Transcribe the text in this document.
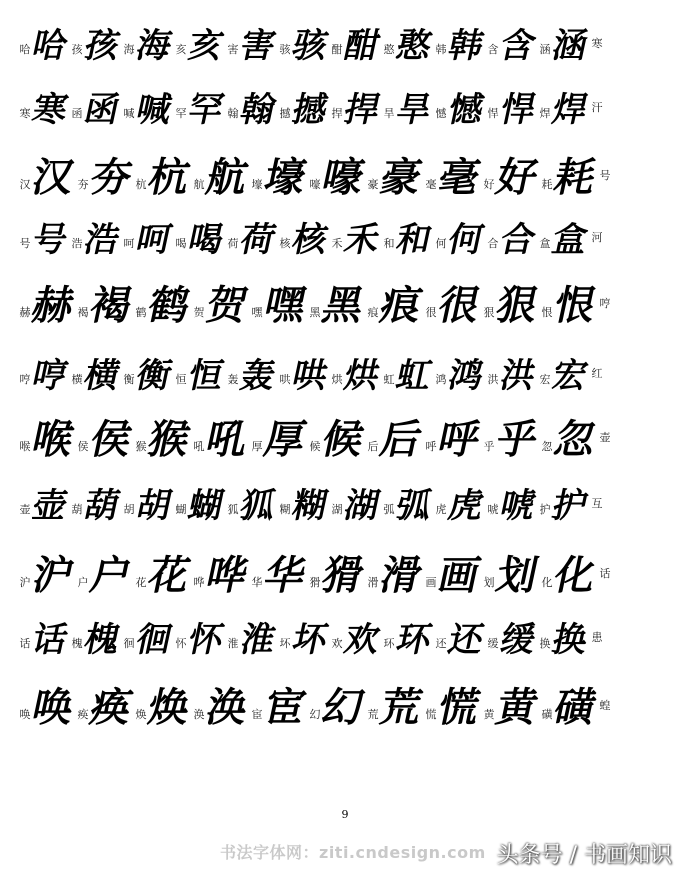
哈
哈 孩
孩 海
海 亥
亥 害
害 骇
骇 酣
酣 憨
憨 韩
韩 含
含 涵
涵 寒
寒
寒 函
函 喊
喊 罕
罕 翰
翰 撼
撼 捍
捍 旱
旱 憾
憾 悍
悍 焊
焊 汗
汉
汉 夯
夯 杭
杭 航
航 壕
壕 嚎
嚎 豪
豪 毫
毫 好
好 耗
耗 号
号
号 浩
浩 呵
呵 喝
喝 荷
荷 核
核 禾
禾 和
和 何
何 合
合 盒
盒 河
赫
赫 褐
褐 鹤
鹤 贺
贺 嘿
嘿 黑
黑 痕
痕 很
很 狠
狠 恨
恨 哼
哼
哼 横
横 衡
衡 恒
恒 轰
轰 哄
哄 烘
烘 虹
虹 鸿
鸿 洪
洪 宏
宏 红
喉
喉 侯
侯 猴
猴 吼
吼 厚
厚 候
候 后
后 呼
呼 乎
乎 忽
忽 壶
壶
壶 葫
葫 胡
胡 蝴
蝴 狐
狐 糊
糊 湖
湖 弧
弧 虎
虎 唬
唬 护
护 互
沪
沪 户
户 花
花 哗
哗 华
华 猾
猾 滑
滑 画
画 划
划 化
化 话
话
话 槐
槐 徊
徊 怀
怀 淮
淮 坏
坏 欢
欢 环
环 还
还 缓
缓 换
换 患
唤
唤 痪
痪 焕
焕 涣
涣 宦
宦 幻
幻 荒
荒 慌
慌 黄
黄 磺
磺 蝗
9
书法字体网：ziti.cndesign.com 头条号 / 书画知识
